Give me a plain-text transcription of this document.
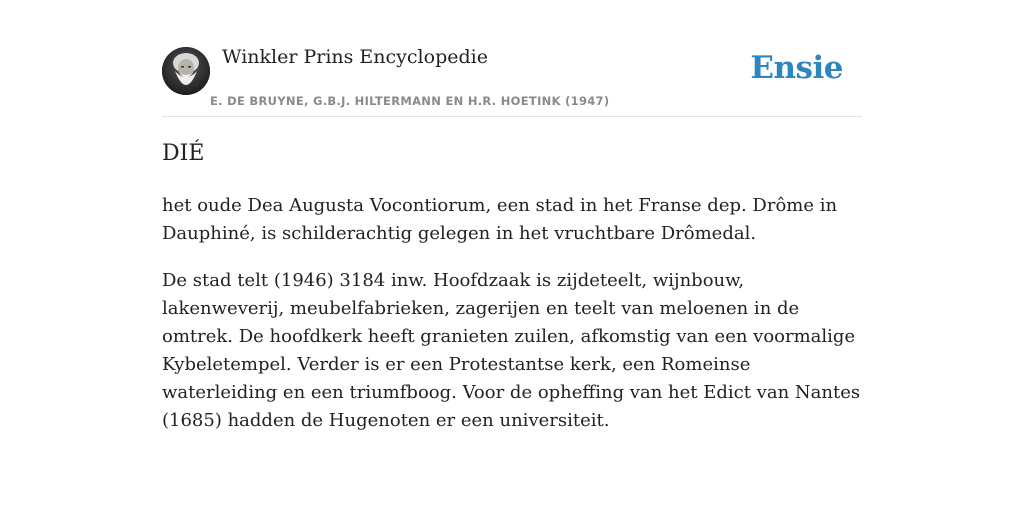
Winkler Prins Encyclopedie
E. DE BRUYNE, G.B.J. HILTERMANN EN H.R. HOETINK (1947)
Ensie
DIÉ

het oude Dea Augusta Vocontiorum, een stad in het Franse dep. Drôme in Dauphiné, is schilderachtig gelegen in het vruchtbare Drômedal.

De stad telt (1946) 3184 inw. Hoofdzaak is zijdeteelt, wijnbouw, lakenweverij, meubelfabrieken, zagerijen en teelt van meloenen in de omtrek. De hoofdkerk heeft granieten zuilen, afkomstig van een voormalige Kybeletempel. Verder is er een Protestantse kerk, een Romeinse waterleiding en een triumfboog. Voor de opheffing van het Edict van Nantes (1685) hadden de Hugenoten er een universiteit.
